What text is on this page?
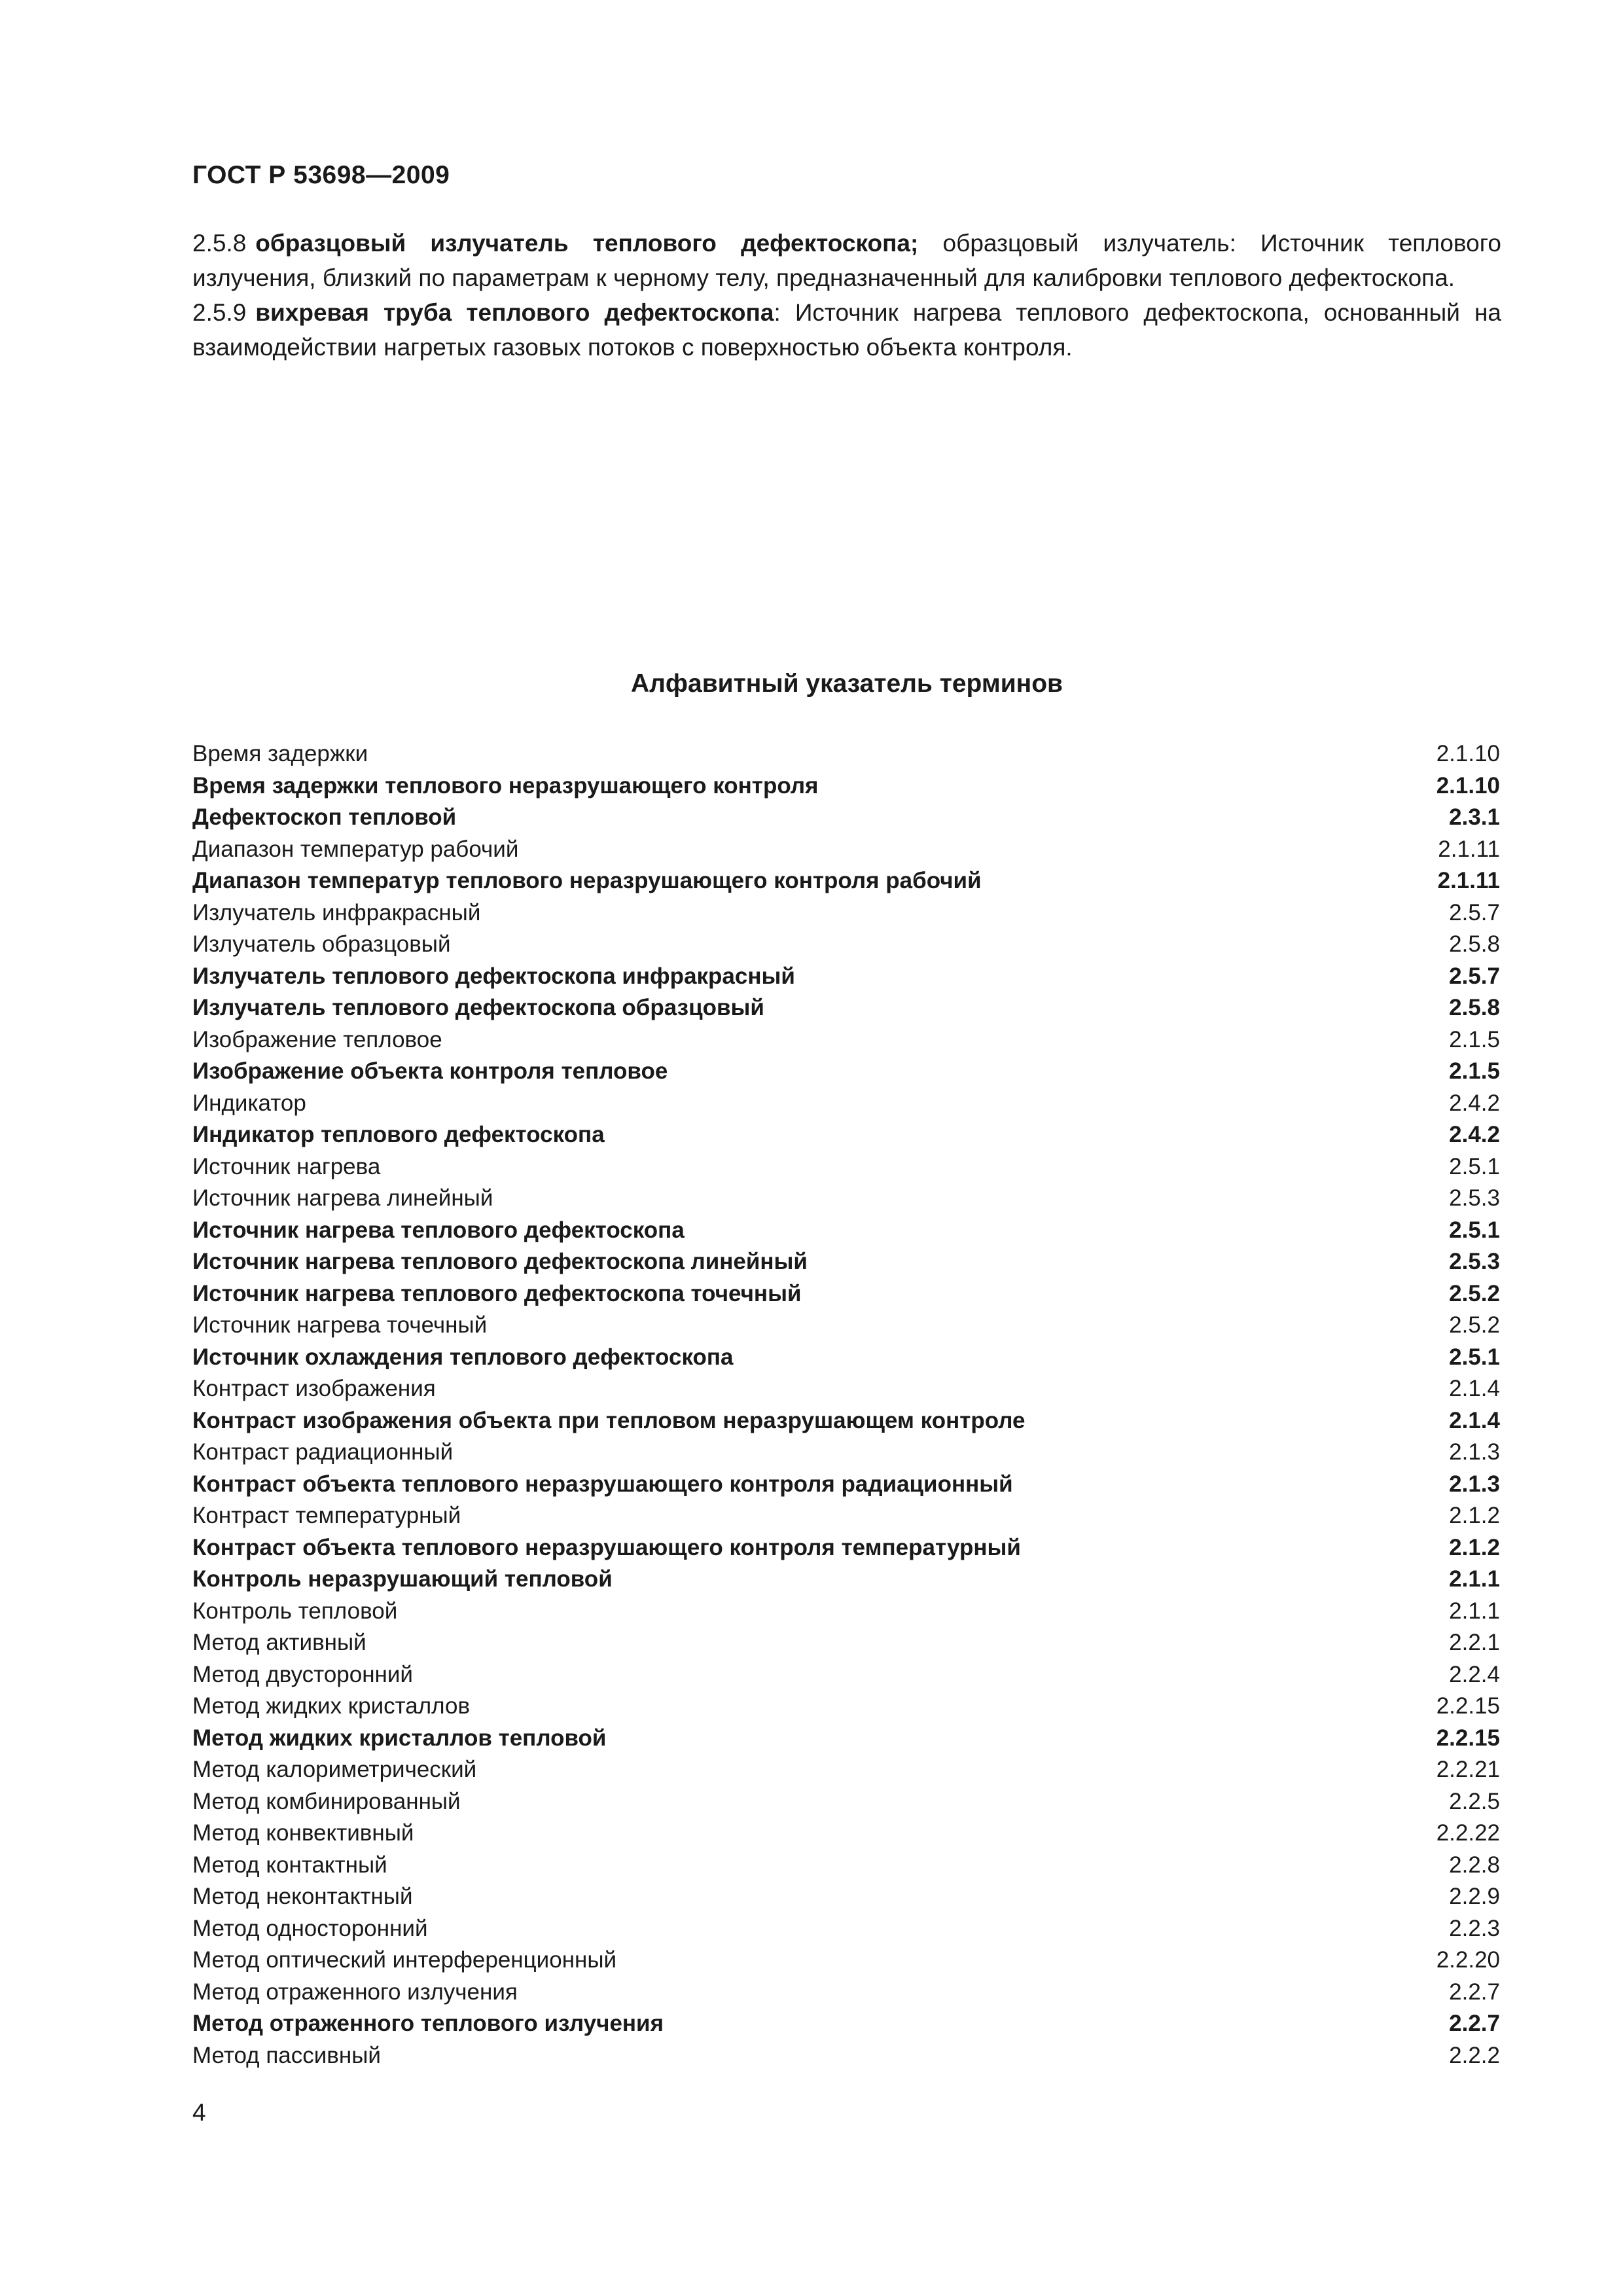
ГОСТ Р 53698—2009

2.5.8 образцовый излучатель теплового дефектоскопа; образцовый излучатель: Источник теплового излучения, близкий по параметрам к черному телу, предназначенный для калибровки теплового дефектоскопа.

2.5.9 вихревая труба теплового дефектоскопа: Источник нагрева теплового дефектоскопа, основанный на взаимодействии нагретых газовых потоков с поверхностью объекта контроля.

Алфавитный указатель терминов
Время задержки	2.1.10
Время задержки теплового неразрушающего контроля	2.1.10
Дефектоскоп тепловой	2.3.1
Диапазон температур рабочий	2.1.11
Диапазон температур теплового неразрушающего контроля рабочий	2.1.11
Излучатель инфракрасный	2.5.7
Излучатель образцовый	2.5.8
Излучатель теплового дефектоскопа инфракрасный	2.5.7
Излучатель теплового дефектоскопа образцовый	2.5.8
Изображение тепловое	2.1.5
Изображение объекта контроля тепловое	2.1.5
Индикатор	2.4.2
Индикатор теплового дефектоскопа	2.4.2
Источник нагрева	2.5.1
Источник нагрева линейный	2.5.3
Источник нагрева теплового дефектоскопа	2.5.1
Источник нагрева теплового дефектоскопа линейный	2.5.3
Источник нагрева теплового дефектоскопа точечный	2.5.2
Источник нагрева точечный	2.5.2
Источник охлаждения теплового дефектоскопа	2.5.1
Контраст изображения	2.1.4
Контраст изображения объекта при тепловом неразрушающем контроле	2.1.4
Контраст радиационный	2.1.3
Контраст объекта теплового неразрушающего контроля радиационный	2.1.3
Контраст температурный	2.1.2
Контраст объекта теплового неразрушающего контроля температурный	2.1.2
Контроль неразрушающий тепловой	2.1.1
Контроль тепловой	2.1.1
Метод активный	2.2.1
Метод двусторонний	2.2.4
Метод жидких кристаллов	2.2.15
Метод жидких кристаллов тепловой	2.2.15
Метод калориметрический	2.2.21
Метод комбинированный	2.2.5
Метод конвективный	2.2.22
Метод контактный	2.2.8
Метод неконтактный	2.2.9
Метод односторонний	2.2.3
Метод оптический интерференционный	2.2.20
Метод отраженного излучения	2.2.7
Метод отраженного теплового излучения	2.2.7
Метод пассивный	2.2.2
4
